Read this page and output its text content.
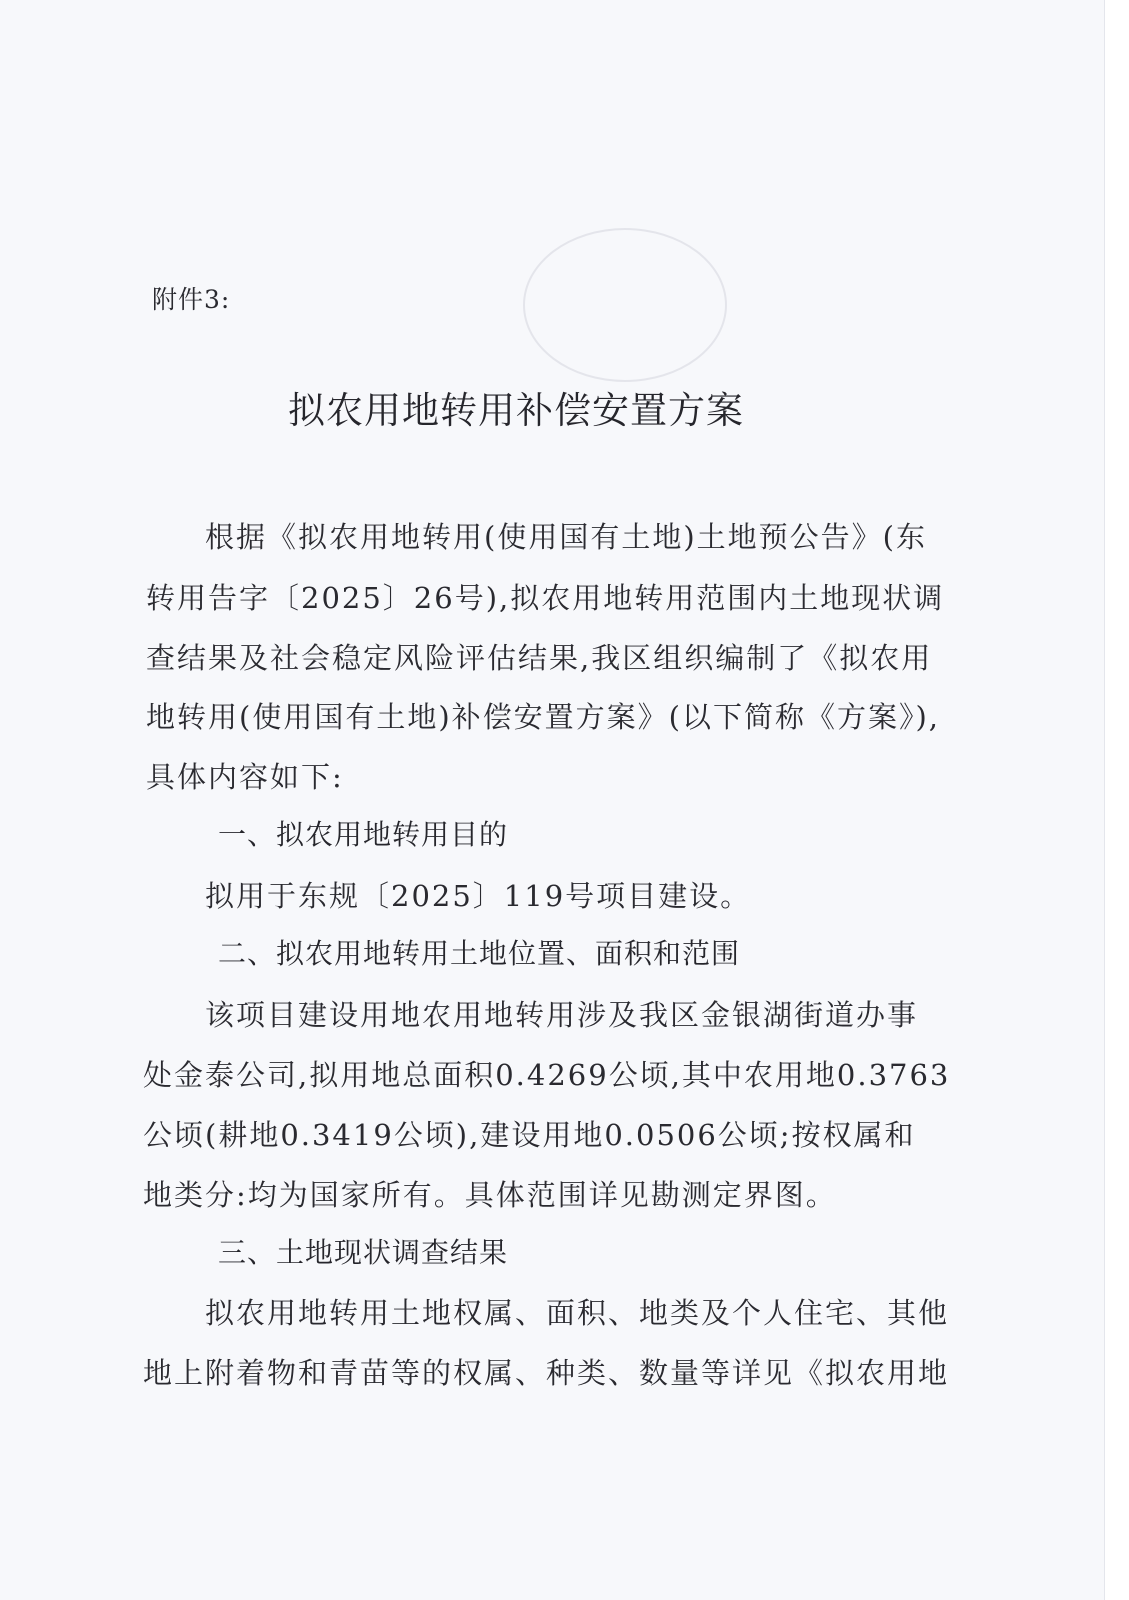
附件3:
拟农用地转用补偿安置方案
根据《拟农用地转用(使用国有土地)土地预公告》(东
转用告字〔2025〕26号),拟农用地转用范围内土地现状调
查结果及社会稳定风险评估结果,我区组织编制了《拟农用
地转用(使用国有土地)补偿安置方案》(以下简称《方案》),
具体内容如下:
一、拟农用地转用目的
拟用于东规〔2025〕119号项目建设。
二、拟农用地转用土地位置、面积和范围
该项目建设用地农用地转用涉及我区金银湖街道办事
处金泰公司,拟用地总面积0.4269公顷,其中农用地0.3763
公顷(耕地0.3419公顷),建设用地0.0506公顷;按权属和
地类分:均为国家所有。具体范围详见勘测定界图。
三、土地现状调查结果
拟农用地转用土地权属、面积、地类及个人住宅、其他
地上附着物和青苗等的权属、种类、数量等详见《拟农用地
